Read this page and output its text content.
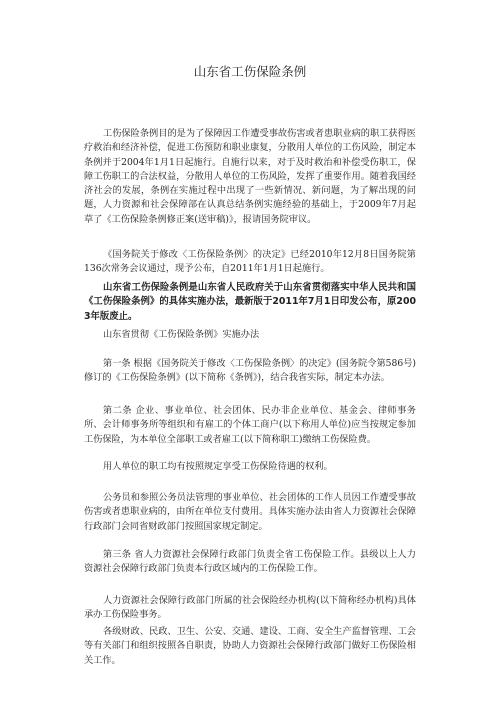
山东省工伤保险条例

工伤保险条例目的是为了保障因工作遭受事故伤害或者患职业病的职工获得医疗救治和经济补偿，促进工伤预防和职业康复，分散用人单位的工伤风险，制定本条例并于2004年1月1日起施行。自施行以来，对于及时救治和补偿受伤职工，保障工伤职工的合法权益，分散用人单位的工伤风险，发挥了重要作用。随着我国经济社会的发展，条例在实施过程中出现了一些新情况、新问题，为了解出现的问题，人力资源和社会保障部在认真总结条例实施经验的基础上，于2009年7月起草了《工伤保险条例修正案(送审稿)》，报请国务院审议。

《国务院关于修改〈工伤保险条例〉的决定》已经2010年12月8日国务院第136次常务会议通过，现予公布，自2011年1月1日起施行。

山东省工伤保险条例是山东省人民政府关于山东省贯彻落实中华人民共和国《工伤保险条例》的具体实施办法，最新版于2011年7月1日印发公布，原2003年版废止。

山东省贯彻《工伤保险条例》实施办法

第一条 根据《国务院关于修改〈工伤保险条例〉的决定》(国务院令第586号)修订的《工伤保险条例》(以下简称《条例》)，结合我省实际，制定本办法。

第二条 企业、事业单位、社会团体、民办非企业单位、基金会、律师事务所、会计师事务所等组织和有雇工的个体工商户(以下称用人单位)应当按规定参加工伤保险，为本单位全部职工或者雇工(以下简称职工)缴纳工伤保险费。

用人单位的职工均有按照规定享受工伤保险待遇的权利。

公务员和参照公务员法管理的事业单位、社会团体的工作人员因工作遭受事故伤害或者患职业病的，由所在单位支付费用。具体实施办法由省人力资源社会保障行政部门会同省财政部门按照国家规定制定。

第三条 省人力资源社会保障行政部门负责全省工伤保险工作。县级以上人力资源社会保障行政部门负责本行政区域内的工伤保险工作。

人力资源社会保障行政部门所属的社会保险经办机构(以下简称经办机构)具体承办工伤保险事务。

各级财政、民政、卫生、公安、交通、建设、工商、安全生产监督管理、工会等有关部门和组织按照各自职责，协助人力资源社会保障行政部门做好工伤保险相关工作。
